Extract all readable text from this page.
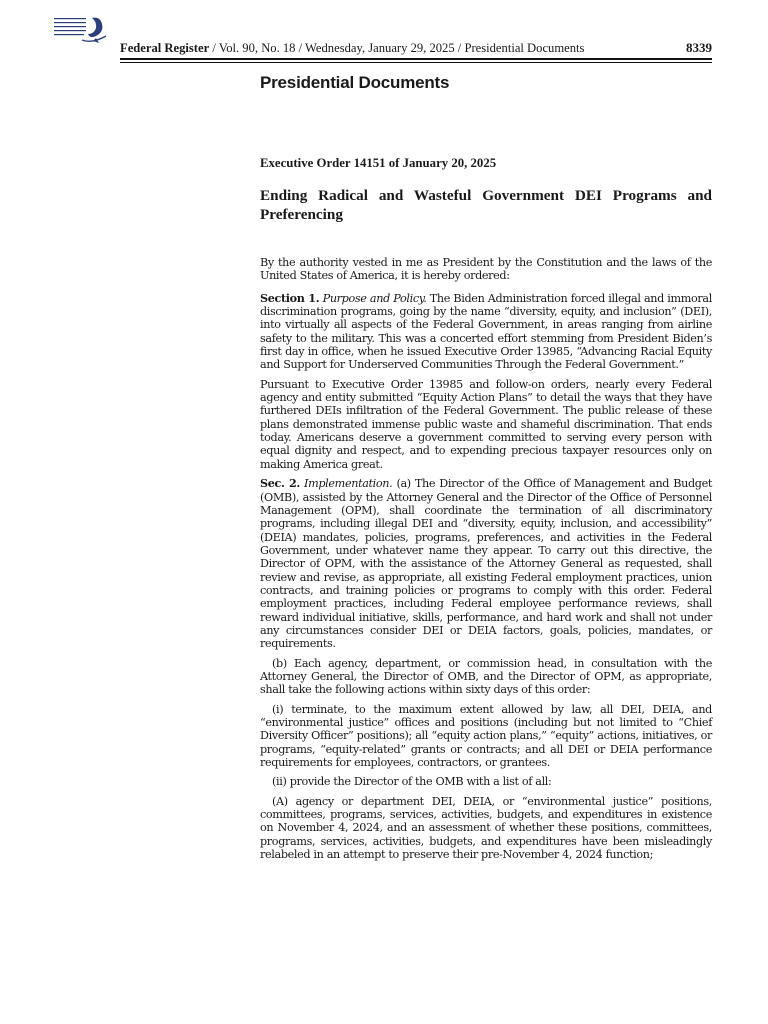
Federal Register / Vol. 90, No. 18 / Wednesday, January 29, 2025 / Presidential Documents	8339
Presidential Documents
Executive Order 14151 of January 20, 2025
Ending Radical and Wasteful Government DEI Programs and Preferencing

By the authority vested in me as President by the Constitution and the laws of the United States of America, it is hereby ordered:

Section 1. Purpose and Policy. The Biden Administration forced illegal and immoral discrimination programs, going by the name “diversity, equity, and inclusion” (DEI), into virtually all aspects of the Federal Government, in areas ranging from airline safety to the military. This was a concerted effort stemming from President Biden’s first day in office, when he issued Executive Order 13985, “Advancing Racial Equity and Support for Underserved Communities Through the Federal Government.”

Pursuant to Executive Order 13985 and follow-on orders, nearly every Federal agency and entity submitted “Equity Action Plans” to detail the ways that they have furthered DEIs infiltration of the Federal Government. The public release of these plans demonstrated immense public waste and shameful discrimination. That ends today. Americans deserve a government committed to serving every person with equal dignity and respect, and to expending precious taxpayer resources only on making America great.

Sec. 2. Implementation. (a) The Director of the Office of Management and Budget (OMB), assisted by the Attorney General and the Director of the Office of Personnel Management (OPM), shall coordinate the termination of all discriminatory programs, including illegal DEI and “diversity, equity, inclusion, and accessibility” (DEIA) mandates, policies, programs, preferences, and activities in the Federal Government, under whatever name they appear. To carry out this directive, the Director of OPM, with the assistance of the Attorney General as requested, shall review and revise, as appropriate, all existing Federal employment practices, union contracts, and training policies or programs to comply with this order. Federal employment practices, including Federal employee performance reviews, shall reward individual initiative, skills, performance, and hard work and shall not under any circumstances consider DEI or DEIA factors, goals, policies, mandates, or requirements.

(b) Each agency, department, or commission head, in consultation with the Attorney General, the Director of OMB, and the Director of OPM, as appropriate, shall take the following actions within sixty days of this order:

(i) terminate, to the maximum extent allowed by law, all DEI, DEIA, and “environmental justice” offices and positions (including but not limited to “Chief Diversity Officer” positions); all “equity action plans,” “equity” actions, initiatives, or programs, “equity-related” grants or contracts; and all DEI or DEIA performance requirements for employees, contractors, or grantees.

(ii) provide the Director of the OMB with a list of all:

(A) agency or department DEI, DEIA, or “environmental justice” positions, committees, programs, services, activities, budgets, and expenditures in existence on November 4, 2024, and an assessment of whether these positions, committees, programs, services, activities, budgets, and expenditures have been misleadingly relabeled in an attempt to preserve their pre-November 4, 2024 function;
